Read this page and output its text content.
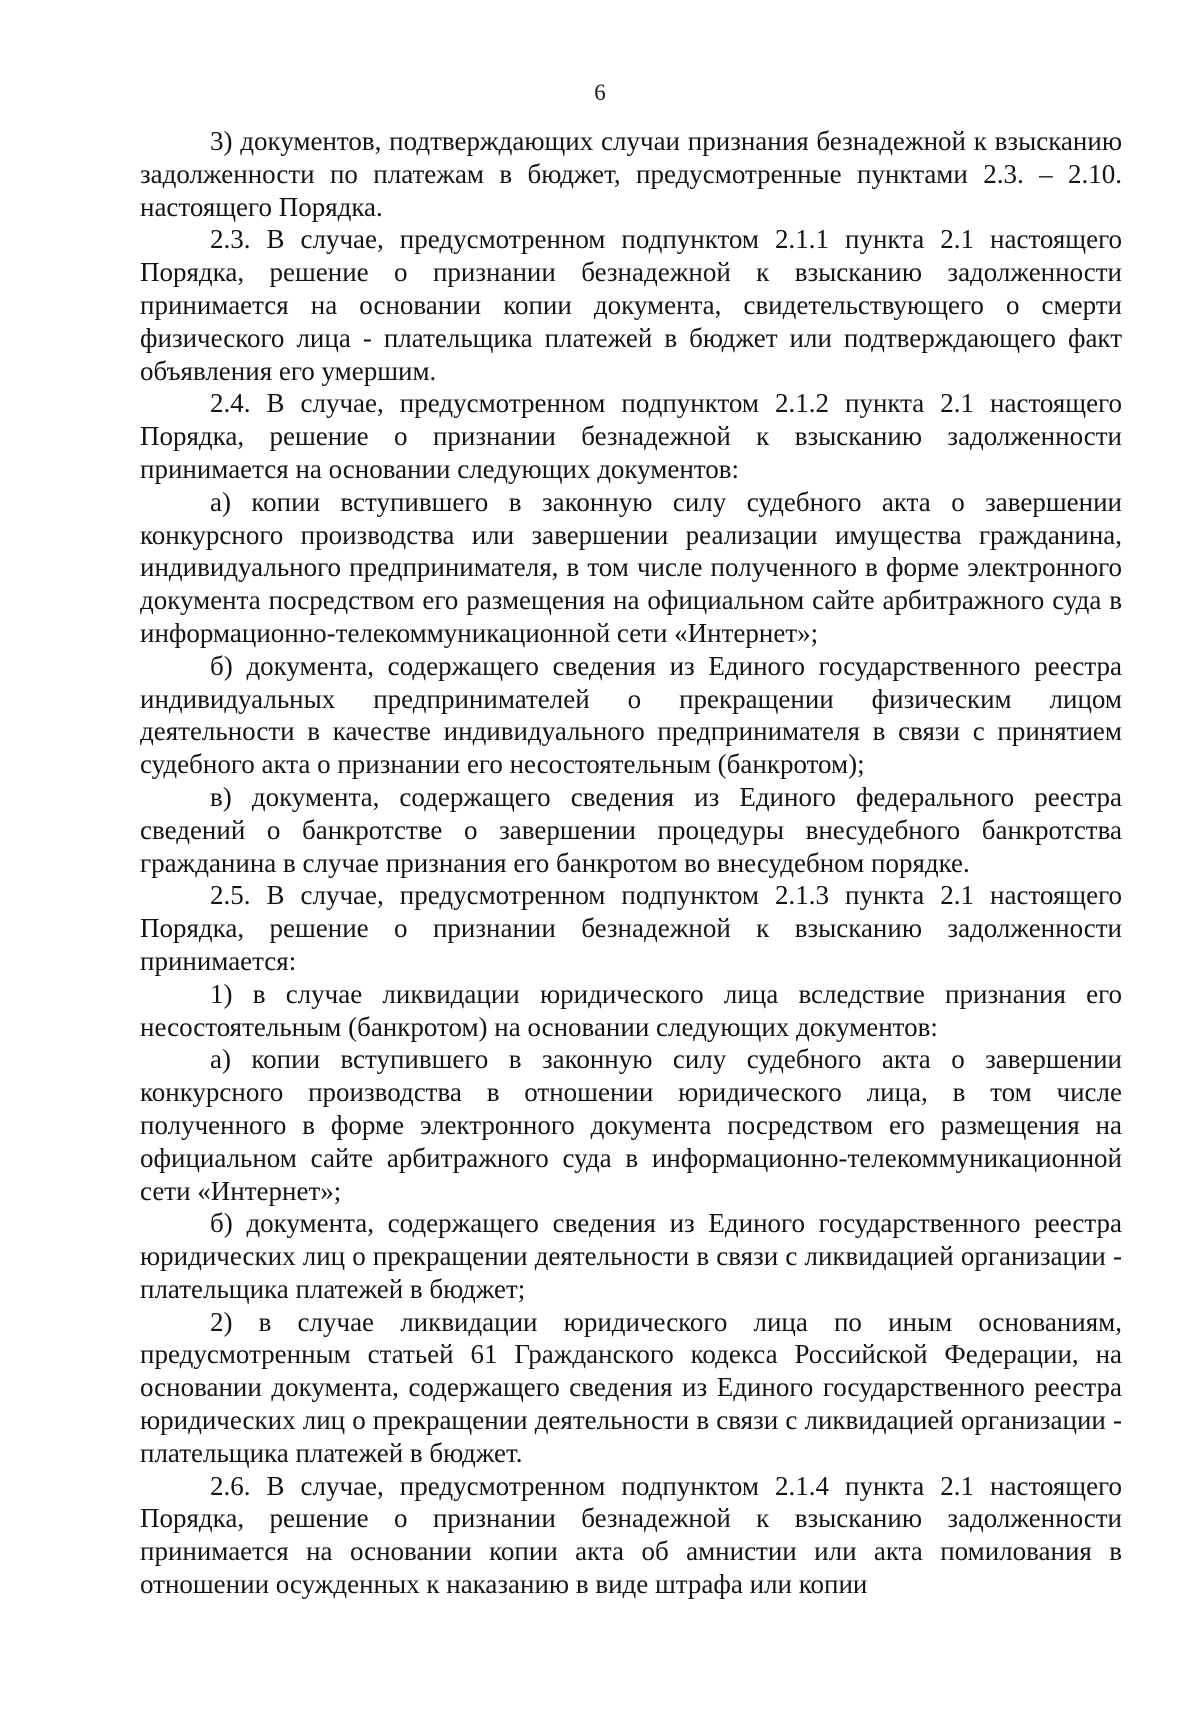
6

3) документов, подтверждающих случаи признания безнадежной к взысканию задолженности по платежам в бюджет, предусмотренные пунктами 2.3. – 2.10. настоящего Порядка.

2.3. В случае, предусмотренном подпунктом 2.1.1 пункта 2.1 настоящего Порядка, решение о признании безнадежной к взысканию задолженности принимается на основании копии документа, свидетельствующего о смерти физического лица - плательщика платежей в бюджет или подтверждающего факт объявления его умершим.

2.4. В случае, предусмотренном подпунктом 2.1.2 пункта 2.1 настоящего Порядка, решение о признании безнадежной к взысканию задолженности принимается на основании следующих документов:

а) копии вступившего в законную силу судебного акта о завершении конкурсного производства или завершении реализации имущества гражданина, индивидуального предпринимателя, в том числе полученного в форме электронного документа посредством его размещения на официальном сайте арбитражного суда в информационно-телекоммуникационной сети «Интернет»;

б) документа, содержащего сведения из Единого государственного реестра индивидуальных предпринимателей о прекращении физическим лицом деятельности в качестве индивидуального предпринимателя в связи с принятием судебного акта о признании его несостоятельным (банкротом);

в) документа, содержащего сведения из Единого федерального реестра сведений о банкротстве о завершении процедуры внесудебного банкротства гражданина в случае признания его банкротом во внесудебном порядке.

2.5. В случае, предусмотренном подпунктом 2.1.3 пункта 2.1 настоящего Порядка, решение о признании безнадежной к взысканию задолженности принимается:

1) в случае ликвидации юридического лица вследствие признания его несостоятельным (банкротом) на основании следующих документов:

а) копии вступившего в законную силу судебного акта о завершении конкурсного производства в отношении юридического лица, в том числе полученного в форме электронного документа посредством его размещения на официальном сайте арбитражного суда в информационно-телекоммуникационной сети «Интернет»;

б) документа, содержащего сведения из Единого государственного реестра юридических лиц о прекращении деятельности в связи с ликвидацией организации - плательщика платежей в бюджет;

2) в случае ликвидации юридического лица по иным основаниям, предусмотренным статьей 61 Гражданского кодекса Российской Федерации, на основании документа, содержащего сведения из Единого государственного реестра юридических лиц о прекращении деятельности в связи с ликвидацией организации - плательщика платежей в бюджет.

2.6. В случае, предусмотренном подпунктом 2.1.4 пункта 2.1 настоящего Порядка, решение о признании безнадежной к взысканию задолженности принимается на основании копии акта об амнистии или акта помилования в отношении осужденных к наказанию в виде штрафа или копии
